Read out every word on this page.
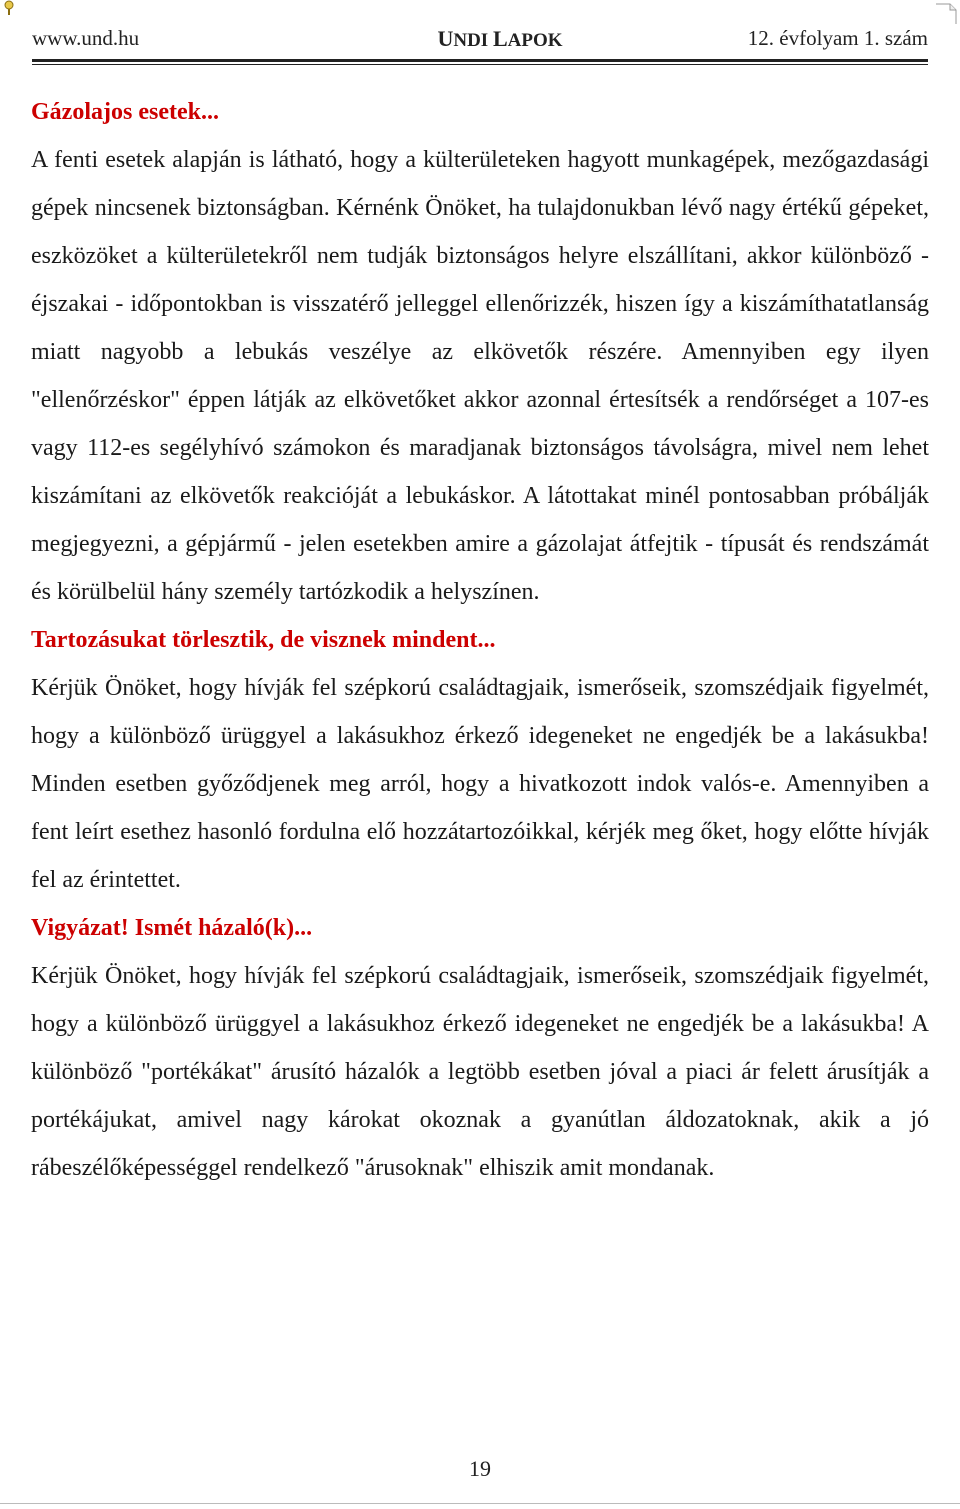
www.und.hu	UNDI LAPOK	12. évfolyam 1. szám
Gázolajos esetek...

A fenti esetek alapján is látható, hogy a külterületeken hagyott munkagépek, mezőgazdasági gépek nincsenek biztonságban. Kérnénk Önöket, ha tulajdonukban lévő nagy értékű gépeket, eszközöket a külterületekről nem tudják biztonságos helyre elszállítani, akkor különböző - éjszakai - időpontokban is visszatérő jelleggel ellenőrizzék, hiszen így a kiszámíthatatlanság miatt nagyobb a lebukás veszélye az elkövetők részére. Amennyiben egy ilyen "ellenőrzéskor" éppen látják az elkövetőket akkor azonnal értesítsék a rendőrséget a 107-es vagy 112-es segélyhívó számokon és maradjanak biztonságos távolságra, mivel nem lehet kiszámítani az elkövetők reakcióját a lebukáskor. A látottakat minél pontosabban próbálják megjegyezni, a gépjármű - jelen esetekben amire a gázolajat átfejtik - típusát és rendszámát és körülbelül hány személy tartózkodik a helyszínen.

Tartozásukat törlesztik, de visznek mindent...

Kérjük Önöket, hogy hívják fel szépkorú családtagjaik, ismerőseik, szomszédjaik figyelmét, hogy a különböző ürüggyel a lakásukhoz érkező idegeneket ne engedjék be a lakásukba! Minden esetben győződjenek meg arról, hogy a hivatkozott indok valós-e. Amennyiben a fent leírt esethez hasonló fordulna elő hozzátartozóikkal, kérjék meg őket, hogy előtte hívják fel az érintettet.

Vigyázat! Ismét házaló(k)...

Kérjük Önöket, hogy hívják fel szépkorú családtagjaik, ismerőseik, szomszédjaik figyelmét, hogy a különböző ürüggyel a lakásukhoz érkező idegeneket ne engedjék be a lakásukba! A különböző "portékákat" árusító házalók a legtöbb esetben jóval a piaci ár felett árusítják a portékájukat, amivel nagy károkat okoznak a gyanútlan áldozatoknak, akik a jó rábeszélőképességgel rendelkező "árusoknak" elhiszik amit mondanak.

19
